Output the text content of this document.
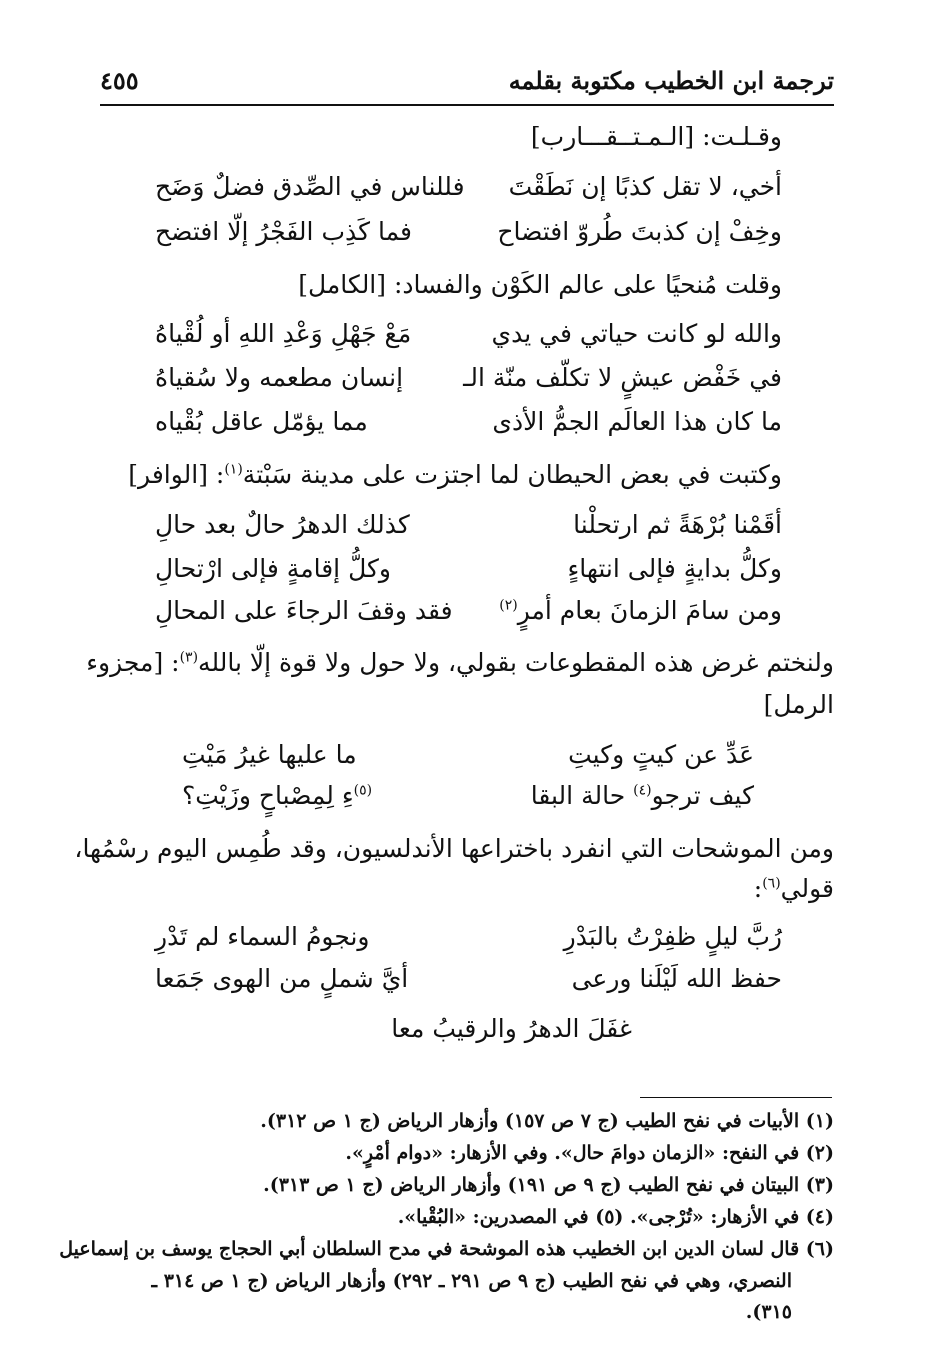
ترجمة ابن الخطيب مكتوبة بقلمه
٤٥٥
وقـلـت: [الـمـتــقـــارب]
أخي، لا تقل كذبًا إن نَطَقْتَ
فللناس في الصِّدق فضلٌ وَضَح
وخِفْ إن كذبتَ طُروّ افتضاح
فما كَذِب الفَجْرُ إلّا افتضح
وقلت مُنحيًا على عالم الكَوْن والفساد: [الكامل]
والله لو كانت حياتي في يدي
مَعْ جَهْلِ وَعْدِ اللهِ أو لُقْياهُ
في خَفْض عيشٍ لا تكلّف منّة الـ
إنسان مطعمه ولا سُقياهُ
ما كان هذا العالَم الجمُّ الأذى
مما يؤمّل عاقل بُقْياه
وكتبت في بعض الحيطان لما اجتزت على مدينة سَبْتة$^{(١)}$: [الوافر]
أقَمْنا بُرْهَةً ثم ارتحلْنا
كذلك الدهرُ حالٌ بعد حالِ
وكلُّ بدايةٍ فإلى انتهاءٍ
وكلُّ إقامةٍ فإلى ارْتحالِ
ومن سامَ الزمانَ بعام أمرٍ$^{(٢)}$
فقد وقفَ الرجاءَ على المحالِ
ولنختم غرض هذه المقطوعات بقولي، ولا حول ولا قوة إلّا بالله$^{(٣)}$: [مجزوء
الرمل]
عَدِّ عن كيتٍ وكيتِ
ما عليها غيرُ مَيْتِ
كيف ترجو$^{(٤)}$ حالة البقا
$^{(٥)}$ءِ لِمِصْباحٍ وزَيْتِ؟
ومن الموشحات التي انفرد باختراعها الأندلسيون، وقد طُمِس اليوم رسْمُها،
قولي$^{(٦)}$:
رُبَّ ليلٍ ظفِرْتُ بالبَدْرِ
ونجومُ السماء لم تَدْرِ
حفظ الله لَيْلَنا ورعى
أيَّ شملٍ من الهوى جَمَعا
غفَلَ الدهرُ والرقيبُ معا
(١) الأبيات في نفح الطيب (ج ٧ ص ١٥٧) وأزهار الرياض (ج ١ ص ٣١٢).
(٢) في النفح: «الزمان دوامَ حال». وفي الأزهار: «دوام أمْرٍ».
(٣) البيتان في نفح الطيب (ج ٩ ص ١٩١) وأزهار الرياض (ج ١ ص ٣١٣).
(٤) في الأزهار: «تُرْجى». (٥) في المصدرين: «البُقْيا».
(٦) قال لسان الدين ابن الخطيب هذه الموشحة في مدح السلطان أبي الحجاج يوسف بن إسماعيل
النصري، وهي في نفح الطيب (ج ٩ ص ٢٩١ ـ ٢٩٢) وأزهار الرياض (ج ١ ص ٣١٤ ـ
٣١٥).
